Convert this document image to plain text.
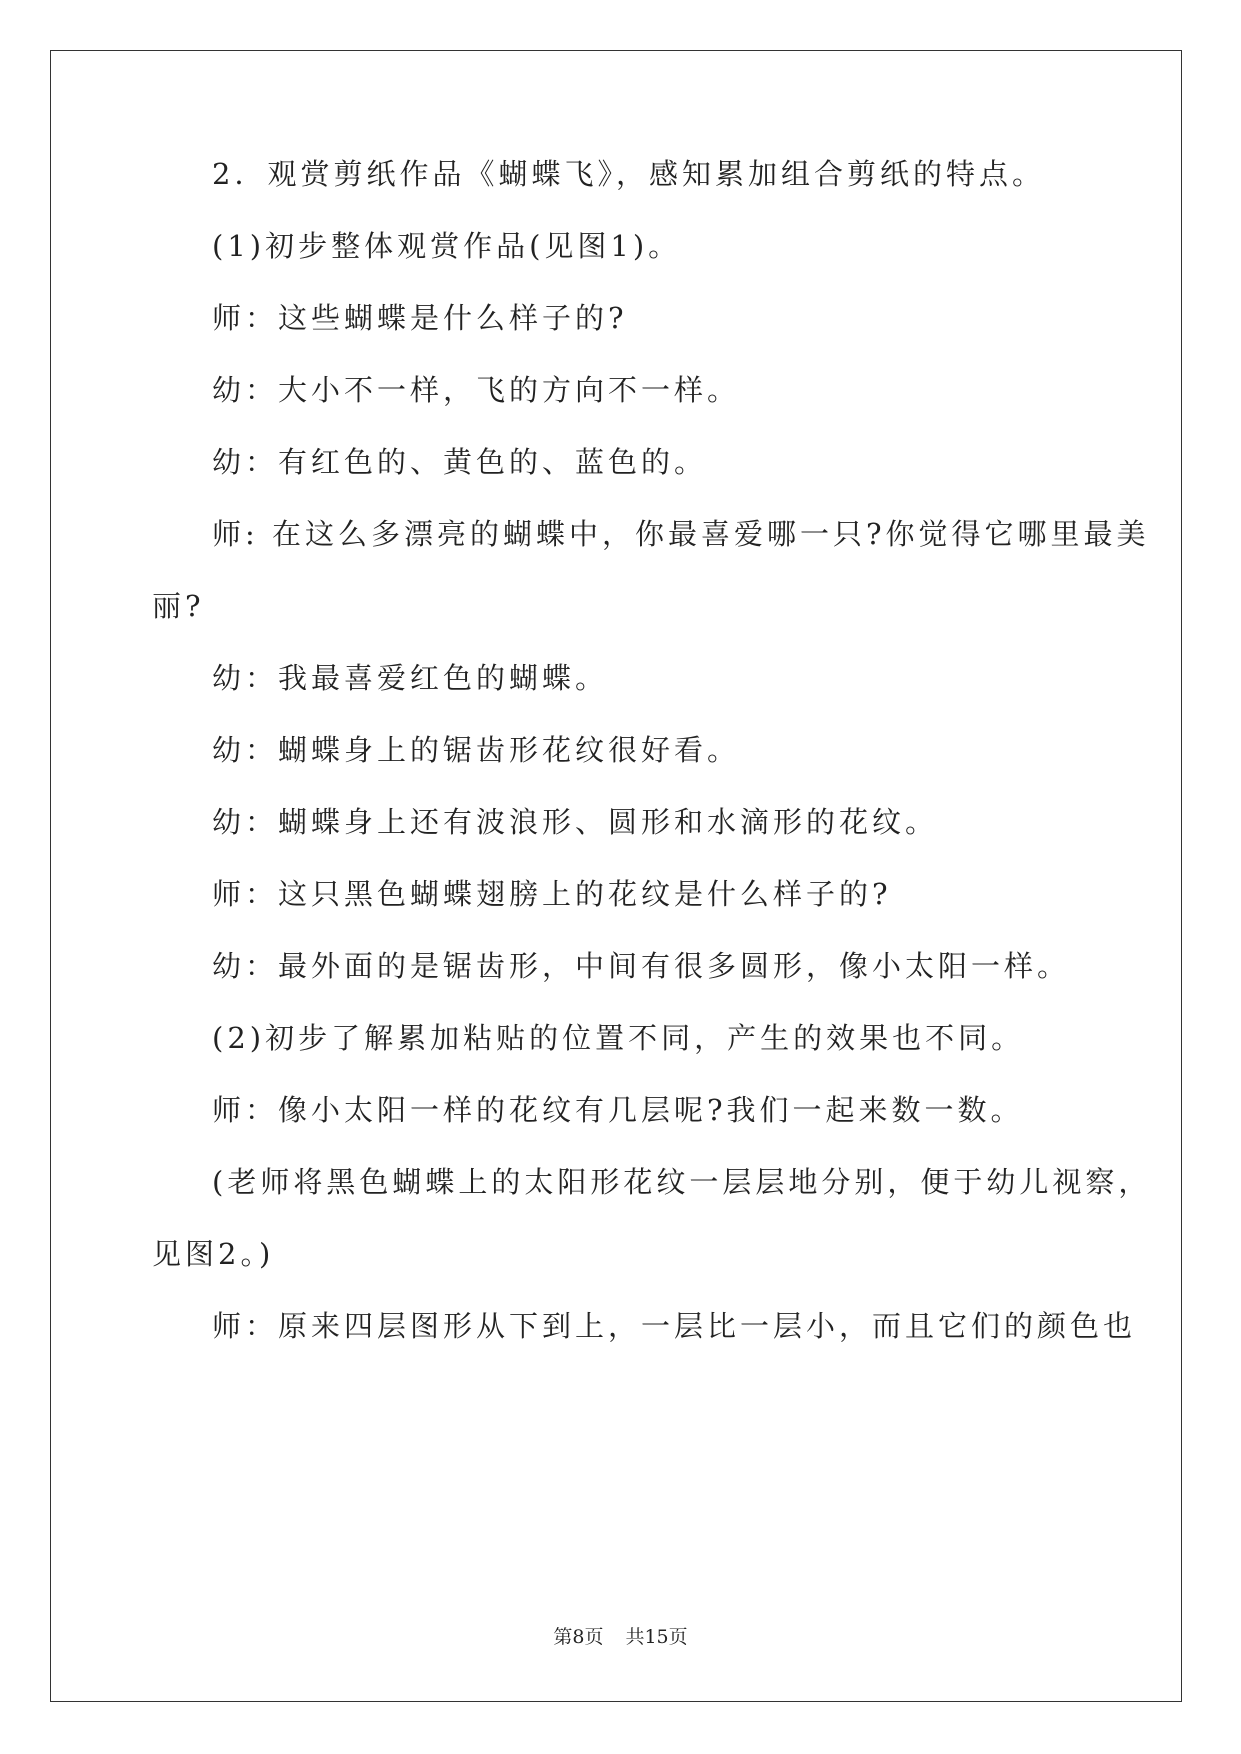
2．观赏剪纸作品《蝴蝶飞》，感知累加组合剪纸的特点。
(1)初步整体观赏作品(见图1)。
师：这些蝴蝶是什么样子的?
幼：大小不一样，飞的方向不一样。
幼：有红色的、黄色的、蓝色的。
师: 在这么多漂亮的蝴蝶中，你最喜爱哪一只?你觉得它哪里最美
丽?
幼：我最喜爱红色的蝴蝶。
幼：蝴蝶身上的锯齿形花纹很好看。
幼：蝴蝶身上还有波浪形、圆形和水滴形的花纹。
师：这只黑色蝴蝶翅膀上的花纹是什么样子的?
幼：最外面的是锯齿形，中间有很多圆形，像小太阳一样。
(2)初步了解累加粘贴的位置不同，产生的效果也不同。
师：像小太阳一样的花纹有几层呢?我们一起来数一数。
(老师将黑色蝴蝶上的太阳形花纹一层层地分别，便于幼儿视察，
见图2。)
师：原来四层图形从下到上，一层比一层小，而且它们的颜色也
第8页 共15页
